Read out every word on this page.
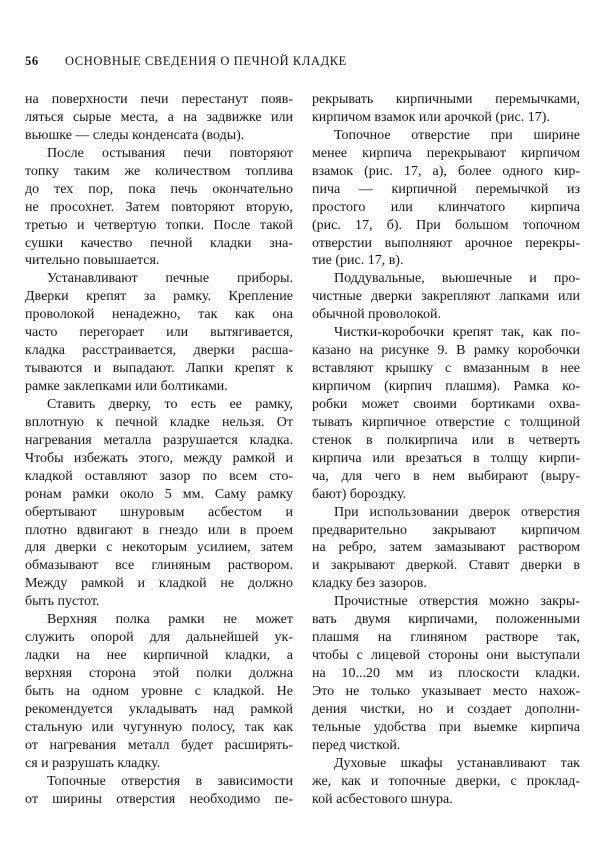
56 ОСНОВНЫЕ СВЕДЕНИЯ О ПЕЧНОЙ КЛАДКЕ
на поверхности печи перестанут появ-
ляться сырые места, а на задвижке или
вьюшке — следы конденсата (воды).
После остывания печи повторяют
топку таким же количеством топлива
до тех пор, пока печь окончательно
не просохнет. Затем повторяют вторую,
третью и четвертую топки. После такой
сушки качество печной кладки зна-
чительно повышается.
Устанавливают печные приборы.
Дверки крепят за рамку. Крепление
проволокой ненадежно, так как она
часто перегорает или вытягивается,
кладка расстраивается, дверки расша-
тываются и выпадают. Лапки крепят к
рамке заклепками или болтиками.
Ставить дверку, то есть ее рамку,
вплотную к печной кладке нельзя. От
нагревания металла разрушается кладка.
Чтобы избежать этого, между рамкой и
кладкой оставляют зазор по всем сто-
ронам рамки около 5 мм. Саму рамку
обертывают шнуровым асбестом и
плотно вдвигают в гнездо или в проем
для дверки с некоторым усилием, затем
обмазывают все глиняным раствором.
Между рамкой и кладкой не должно
быть пустот.
Верхняя полка рамки не может
служить опорой для дальнейшей ук-
ладки на нее кирпичной кладки, а
верхняя сторона этой полки должна
быть на одном уровне с кладкой. Не
рекомендуется укладывать над рамкой
стальную или чугунную полосу, так как
от нагревания металл будет расширять-
ся и разрушать кладку.
Топочные отверстия в зависимости
от ширины отверстия необходимо пе-
рекрывать кирпичными перемычками,
кирпичом взамок или арочкой (рис. 17).
Топочное отверстие при ширине
менее кирпича перекрывают кирпичом
взамок (рис. 17, а), более одного кир-
пича — кирпичной перемычкой из
простого или клинчатого кирпича
(рис. 17, б). При большом топочном
отверстии выполняют арочное перекры-
тие (рис. 17, в).
Поддувальные, вьюшечные и про-
чистные дверки закрепляют лапками или
обычной проволокой.
Чистки-коробочки крепят так, как по-
казано на рисунке 9. В рамку коробочки
вставляют крышку с вмазанным в нее
кирпичом (кирпич плашмя). Рамка ко-
робки может своими бортиками охва-
тывать кирпичное отверстие с толщиной
стенок в полкирпича или в четверть
кирпича или врезаться в толщу кирпи-
ча, для чего в нем выбирают (выру-
бают) бороздку.
При использовании дверок отверстия
предварительно закрывают кирпичом
на ребро, затем замазывают раствором
и закрывают дверкой. Ставят дверки в
кладку без зазоров.
Прочистные отверстия можно закры-
вать двумя кирпичами, положенными
плашмя на глиняном растворе так,
чтобы с лицевой стороны они выступали
на 10...20 мм из плоскости кладки.
Это не только указывает место нахож-
дения чистки, но и создает дополни-
тельные удобства при выемке кирпича
перед чисткой.
Духовые шкафы устанавливают так
же, как и топочные дверки, с проклад-
кой асбестового шнура.
